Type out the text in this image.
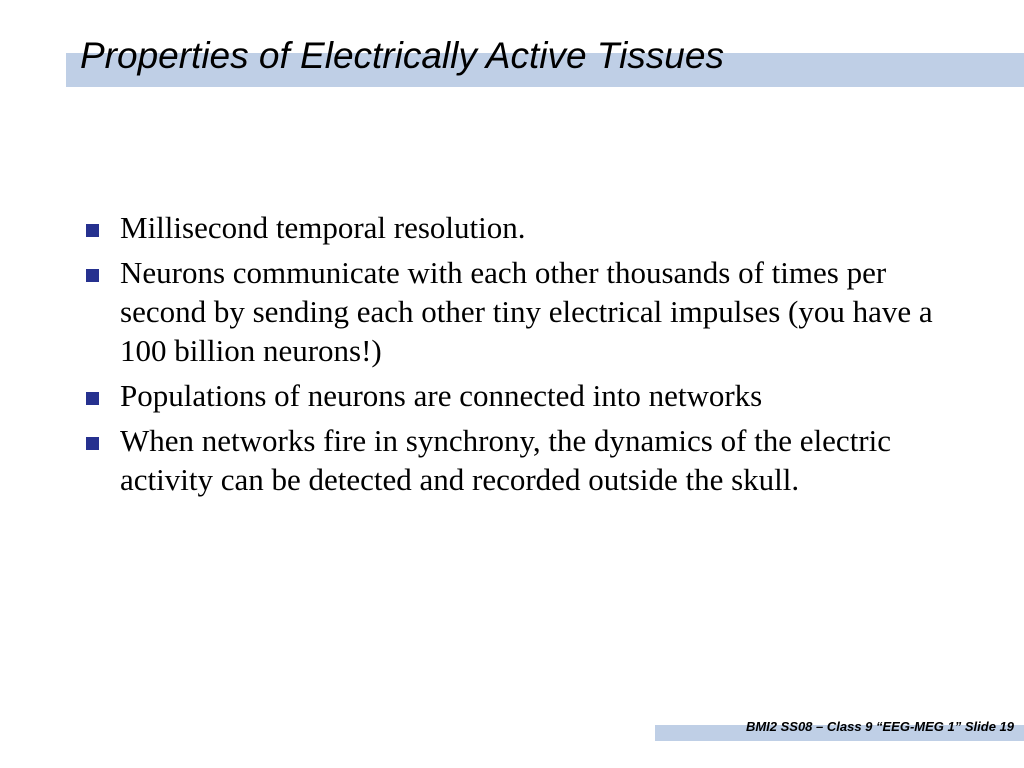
Properties of Electrically Active Tissues
Millisecond temporal resolution.
Neurons communicate with each other thousands of times per second by sending each other tiny electrical impulses (you have a 100 billion neurons!)
Populations of neurons are connected into networks
When networks fire in synchrony, the dynamics of the electric activity can be detected and recorded outside the skull.
BMI2 SS08 – Class 9 “EEG-MEG 1” Slide 19
